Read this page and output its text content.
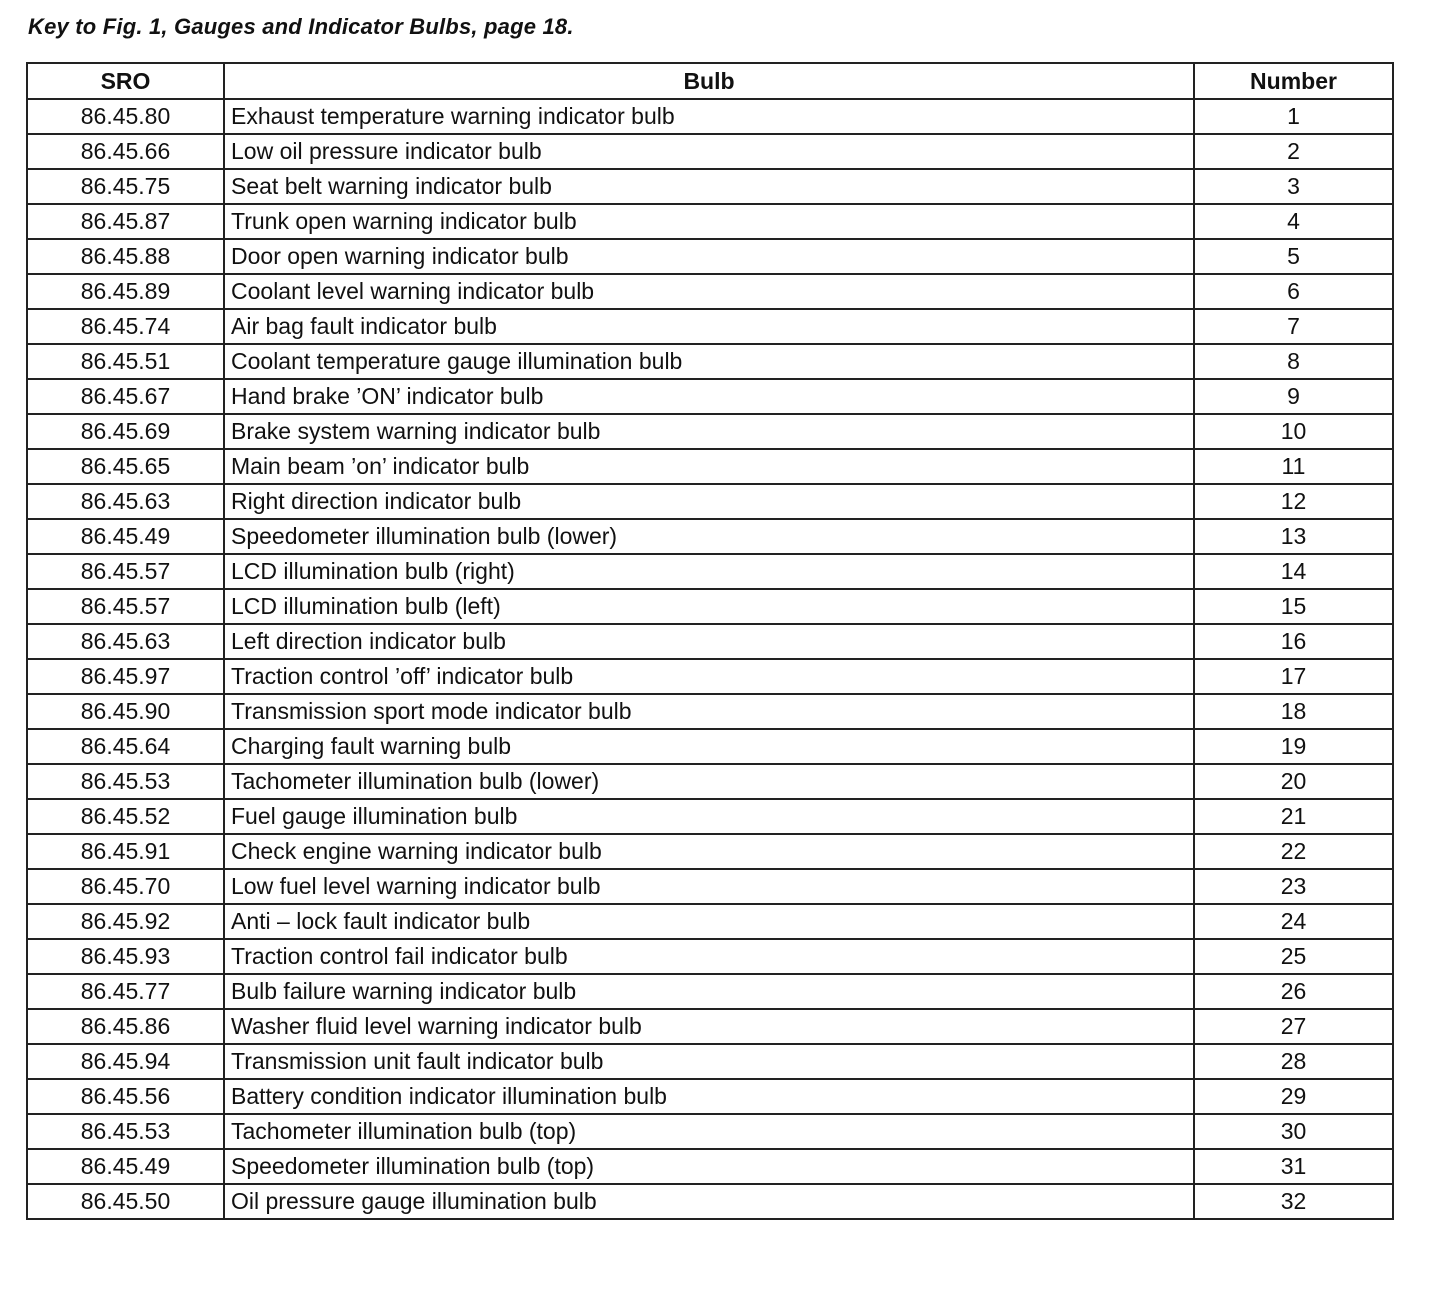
Key to Fig. 1, Gauges and Indicator Bulbs, page 18.
SRO	Bulb	Number
86.45.80	Exhaust temperature warning indicator bulb	1
86.45.66	Low oil pressure indicator bulb	2
86.45.75	Seat belt warning indicator bulb	3
86.45.87	Trunk open warning indicator bulb	4
86.45.88	Door open warning indicator bulb	5
86.45.89	Coolant level warning indicator bulb	6
86.45.74	Air bag fault indicator bulb	7
86.45.51	Coolant temperature gauge illumination bulb	8
86.45.67	Hand brake ’ON’ indicator bulb	9
86.45.69	Brake system warning indicator bulb	10
86.45.65	Main beam ’on’ indicator bulb	11
86.45.63	Right direction indicator bulb	12
86.45.49	Speedometer illumination bulb (lower)	13
86.45.57	LCD illumination bulb (right)	14
86.45.57	LCD illumination bulb (left)	15
86.45.63	Left direction indicator bulb	16
86.45.97	Traction control ’off’ indicator bulb	17
86.45.90	Transmission sport mode indicator bulb	18
86.45.64	Charging fault warning bulb	19
86.45.53	Tachometer illumination bulb (lower)	20
86.45.52	Fuel gauge illumination bulb	21
86.45.91	Check engine warning indicator bulb	22
86.45.70	Low fuel level warning indicator bulb	23
86.45.92	Anti – lock fault indicator bulb	24
86.45.93	Traction control fail indicator bulb	25
86.45.77	Bulb failure warning indicator bulb	26
86.45.86	Washer fluid level warning indicator bulb	27
86.45.94	Transmission unit fault indicator bulb	28
86.45.56	Battery condition indicator illumination bulb	29
86.45.53	Tachometer illumination bulb (top)	30
86.45.49	Speedometer illumination bulb (top)	31
86.45.50	Oil pressure gauge illumination bulb	32
